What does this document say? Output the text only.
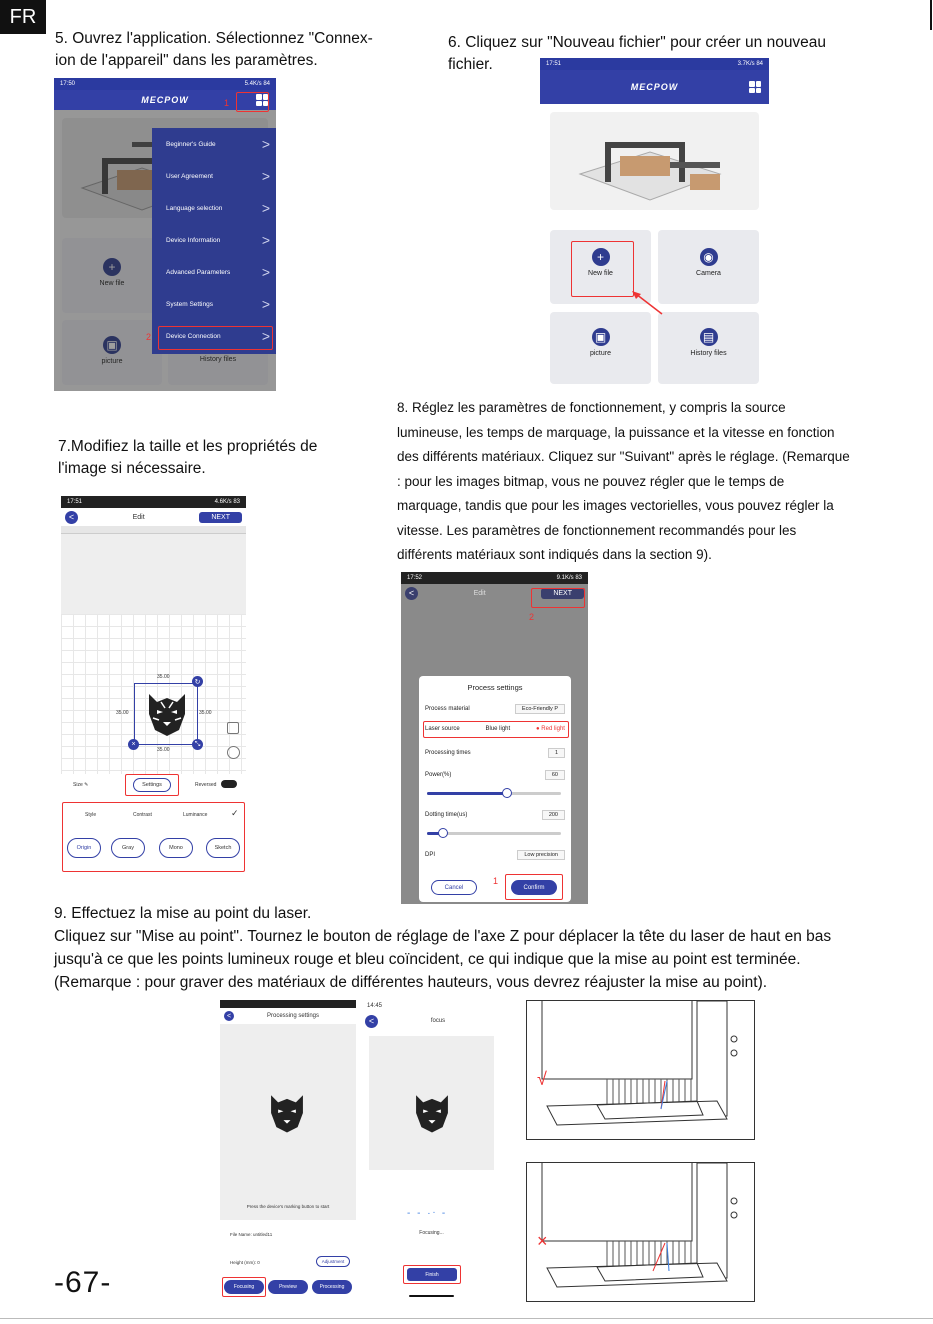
FR
5. Ouvrez l'application. Sélectionnez "Connex-
ion de l'appareil" dans les paramètres.
17:50	5.4K/s 84
MECPOW
+
New file
▣
picture	History files
Beginner's Guide	>
User Agreement	>
Language selection	>
Device Information	>
Advanced Parameters >
System Settings	>
Device Connection	>
1
2
6. Cliquez sur "Nouveau fichier" pour créer un nouveau
fichier.	17:51	3.7K/s 84
MECPOW
+
New file
◉
Camera
▣
picture
▤
History files
7.Modifiez la taille et les propriétés de
l'image si nécessaire.
17:51	4.6K/s 83
<	Edit	NEXT
35.00
35.00	35.00
35.00
↻
×	⤡
Size ✎	Settings	Reversed
Style	Contrast	Luminance	✓
Origin	Gray	Mono	Sketch
8. Réglez les paramètres de fonctionnement, y compris la source
lumineuse, les temps de marquage, la puissance et la vitesse en fonction
des différents matériaux. Cliquez sur "Suivant" après le réglage. (Remarque
: pour les images bitmap, vous ne pouvez régler que le temps de
marquage, tandis que pour les images vectorielles, vous pouvez régler la
vitesse. Les paramètres de fonctionnement recommandés pour les
différents matériaux sont indiqués dans la section 9).
17:52	9.1K/s 83
<	Edit	NEXT
2
Process settings
Process material	Eco-Friendly P
Laser source	Blue light	● Red light
Processing times	1
Power(%)	60
Dotting time(us)	200
DPI	Low precision
Cancel	Confirm
1
9. Effectuez la mise au point du laser.
Cliquez sur "Mise au point". Tournez le bouton de réglage de l'axe Z pour déplacer la tête du laser de haut en bas
jusqu'à ce que les points lumineux rouge et bleu coïncident, ce qui indique que la mise au point est terminée.
(Remarque : pour graver des matériaux de différentes hauteurs, vous devrez réajuster la mise au point).
<	Processing settings
Press the device's marking button to start
File Name: untitled11
Height (mm): 0	Adjustment
Focusing	Preview	Processing
14:45
<	focus
- - ·ᐧ -
Focusing...
Finish
√
×
-67-
